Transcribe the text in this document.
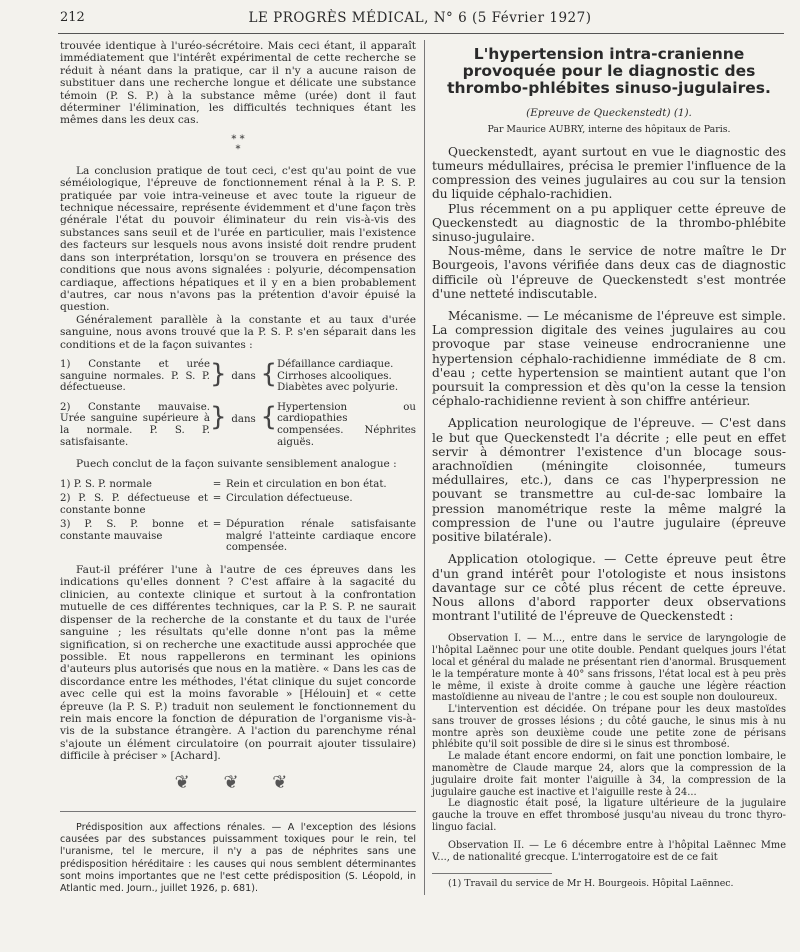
212	LE PROGRÈS MÉDICAL, N° 6 (5 Février 1927)

trouvée identique à l'uréo-sécrétoire. Mais ceci étant, il apparaît immédiatement que l'intérêt expérimental de cette recherche se réduit à néant dans la pratique, car il n'y a aucune raison de substituer dans une recherche longue et délicate une substance témoin (P. S. P.) à la substance même (urée) dont il faut déterminer l'élimination, les difficultés techniques étant les mêmes dans les deux cas.

* *
*

La conclusion pratique de tout ceci, c'est qu'au point de vue séméiologique, l'épreuve de fonctionnement rénal à la P. S. P. pratiquée par voie intra-veineuse et avec toute la rigueur de technique nécessaire, représente évidemment et d'une façon très générale l'état du pouvoir éliminateur du rein vis-à-vis des substances sans seuil et de l'urée en particulier, mais l'existence des facteurs sur lesquels nous avons insisté doit rendre prudent dans son interprétation, lorsqu'on se trouvera en présence des conditions que nous avons signalées : polyurie, décompensation cardiaque, affections hépatiques et il y en a bien probablement d'autres, car nous n'avons pas la prétention d'avoir épuisé la question.

Généralement parallèle à la constante et au taux d'urée sanguine, nous avons trouvé que la P. S. P. s'en séparait dans les conditions et de la façon suivantes :

1) Constante et urée sanguine normales. P. S. P. défectueuse.	}	dans	{	Défaillance cardiaque.
Cirrhoses alcooliques.
Diabètes avec polyurie.

2) Constante mauvaise. Urée sanguine supérieure à la normale. P. S. P. satisfaisante.	}	dans	{	Hypertension ou cardiopathies compensées. Néphrites aiguës.

Puech conclut de la façon suivante sensiblement analogue :

1) P. S. P. normale	= Rein et circulation en bon état.
2) P. S. P. défectueuse et constante bonne
= Circulation défectueuse.
3) P. S. P. bonne et constante mauvaise
= Dépuration rénale satisfaisante malgré l'atteinte cardiaque encore compensée.

Faut-il préférer l'une à l'autre de ces épreuves dans les indications qu'elles donnent ? C'est affaire à la sagacité du clinicien, au contexte clinique et surtout à la confrontation mutuelle de ces différentes techniques, car la P. S. P. ne saurait dispenser de la recherche de la constante et du taux de l'urée sanguine ; les résultats qu'elle donne n'ont pas la même signification, si on recherche une exactitude aussi approchée que possible. Et nous rappellerons en terminant les opinions d'auteurs plus autorisés que nous en la matière. « Dans les cas de discordance entre les méthodes, l'état clinique du sujet concorde avec celle qui est la moins favorable » [Hélouin] et « cette épreuve (la P. S. P.) traduit non seulement le fonctionnement du rein mais encore la fonction de dépuration de l'organisme vis-à-vis de la substance étrangère. A l'action du parenchyme rénal s'ajoute un élément circulatoire (on pourrait ajouter tissulaire) difficile à préciser » [Achard].

❦ ❦ ❦

Prédisposition aux affections rénales. — A l'exception des lésions causées par des substances puissamment toxiques pour le rein, tel l'uranisme, tel le mercure, il n'y a pas de néphrites sans une prédisposition héréditaire : les causes qui nous semblent déterminantes sont moins importantes que ne l'est cette prédisposition (S. Léopold, in Atlantic med. Journ., juillet 1926, p. 681).

L'hypertension intra-cranienne provoquée pour le diagnostic des thrombo-phlébites sinuso-jugulaires.
(Epreuve de Queckenstedt) (1).
Par Maurice AUBRY, interne des hôpitaux de Paris.

Queckenstedt, ayant surtout en vue le diagnostic des tumeurs médullaires, précisa le premier l'influence de la compression des veines jugulaires au cou sur la tension du liquide céphalo-rachidien.

Plus récemment on a pu appliquer cette épreuve de Queckenstedt au diagnostic de la thrombo-phlébite sinuso-jugulaire.

Nous-même, dans le service de notre maître le Dr Bourgeois, l'avons vérifiée dans deux cas de diagnostic difficile où l'épreuve de Queckenstedt s'est montrée d'une netteté indiscutable.

Mécanisme. — Le mécanisme de l'épreuve est simple. La compression digitale des veines jugulaires au cou provoque par stase veineuse endrocranienne une hypertension céphalo-rachidienne immédiate de 8 cm. d'eau ; cette hypertension se maintient autant que l'on poursuit la compression et dès qu'on la cesse la tension céphalo-rachidienne revient à son chiffre antérieur.

Application neurologique de l'épreuve. — C'est dans le but que Queckenstedt l'a décrite ; elle peut en effet servir à démontrer l'existence d'un blocage sous-arachnoïdien (méningite cloisonnée, tumeurs médullaires, etc.), dans ce cas l'hyperpression ne pouvant se transmettre au cul-de-sac lombaire la pression manométrique reste la même malgré la compression de l'une ou l'autre jugulaire (épreuve positive bilatérale).

Application otologique. — Cette épreuve peut être d'un grand intérêt pour l'otologiste et nous insistons davantage sur ce côté plus récent de cette épreuve. Nous allons d'abord rapporter deux observations montrant l'utilité de l'épreuve de Queckenstedt :

Observation I. — M..., entre dans le service de laryngologie de l'hôpital Laënnec pour une otite double. Pendant quelques jours l'état local et général du malade ne présentant rien d'anormal. Brusquement le la température monte à 40° sans frissons, l'état local est à peu près le même, il existe à droite comme à gauche une légère réaction mastoïdienne au niveau de l'antre ; le cou est souple non douloureux.

L'intervention est décidée. On trépane pour les deux mastoïdes sans trouver de grosses lésions ; du côté gauche, le sinus mis à nu montre après son deuxième coude une petite zone de périsans phlébite qu'il soit possible de dire si le sinus est thrombosé.

Le malade étant encore endormi, on fait une ponction lombaire, le manomètre de Claude marque 24, alors que la compression de la jugulaire droite fait monter l'aiguille à 34, la compression de la jugulaire gauche est inactive et l'aiguille reste à 24...

Le diagnostic était posé, la ligature ultérieure de la jugulaire gauche la trouve en effet thrombosé jusqu'au niveau du tronc thyro-linguo facial.

Observation II. — Le 6 décembre entre à l'hôpital Laënnec Mme V..., de nationalité grecque. L'interrogatoire est de ce fait

(1) Travail du service de Mr H. Bourgeois. Hôpital Laënnec.
